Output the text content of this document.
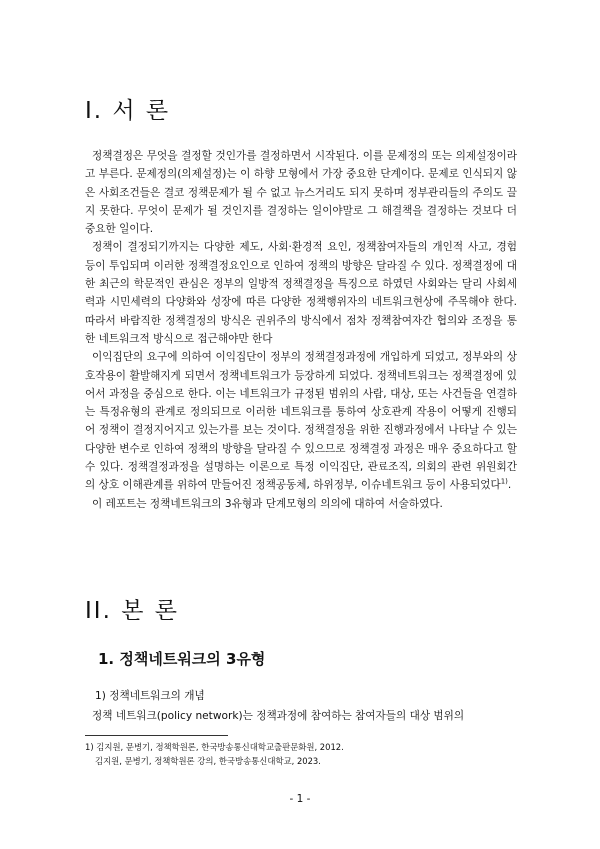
I. 서 론

정책결정은 무엇을 결정할 것인가를 결정하면서 시작된다. 이를 문제정의 또는 의제설정이라고 부른다. 문제정의(의제설정)는 이 하향 모형에서 가장 중요한 단계이다. 문제로 인식되지 않은 사회조건들은 결코 정책문제가 될 수 없고 뉴스거리도 되지 못하며 정부관리들의 주의도 끌지 못한다. 무엇이 문제가 될 것인지를 결정하는 일이야말로 그 해결책을 결정하는 것보다 더 중요한 일이다.

정책이 결정되기까지는 다양한 제도, 사회·환경적 요인, 정책참여자들의 개인적 사고, 경험 등이 투입되며 이러한 정책결정요인으로 인하여 정책의 방향은 달라질 수 있다. 정책결정에 대한 최근의 학문적인 관심은 정부의 일방적 정책결정을 특징으로 하였던 사회와는 달리 사회세력과 시민세력의 다양화와 성장에 따른 다양한 정책행위자의 네트워크현상에 주목해야 한다. 따라서 바람직한 정책결정의 방식은 권위주의 방식에서 점차 정책참여자간 협의와 조정을 통한 네트워크적 방식으로 접근해야만 한다

이익집단의 요구에 의하여 이익집단이 정부의 정책결정과정에 개입하게 되었고, 정부와의 상호작용이 활발해지게 되면서 정책네트워크가 등장하게 되었다. 정책네트워크는 정책결정에 있어서 과정을 중심으로 한다. 이는 네트워크가 규정된 범위의 사람, 대상, 또는 사건들을 연결하는 특정유형의 관계로 정의되므로 이러한 네트워크를 통하여 상호관계 작용이 어떻게 진행되어 정책이 결정지어지고 있는가를 보는 것이다. 정책결정을 위한 진행과정에서 나타날 수 있는 다양한 변수로 인하여 정책의 방향을 달라질 수 있으므로 정책결정 과정은 매우 중요하다고 할 수 있다. 정책결정과정을 설명하는 이론으로 특정 이익집단, 관료조직, 의회의 관련 위원회간의 상호 이해관계를 위하여 만들어진 정책공동체, 하위정부, 이슈네트워크 등이 사용되었다$^{1)}$.

이 레포트는 정책네트워크의 3유형과 단계모형의 의의에 대하여 서술하였다.

II. 본 론
1. 정책네트워크의 3유형

1) 정책네트워크의 개념

정책 네트워크(policy network)는 정책과정에 참여하는 참여자들의 대상 범위의

1) 김지원, 문병기, 정책학원론, 한국방송통신대학교출판문화원, 2012.
김지원, 문병기, 정책학원론 강의, 한국방송통신대학교, 2023.
- 1 -
